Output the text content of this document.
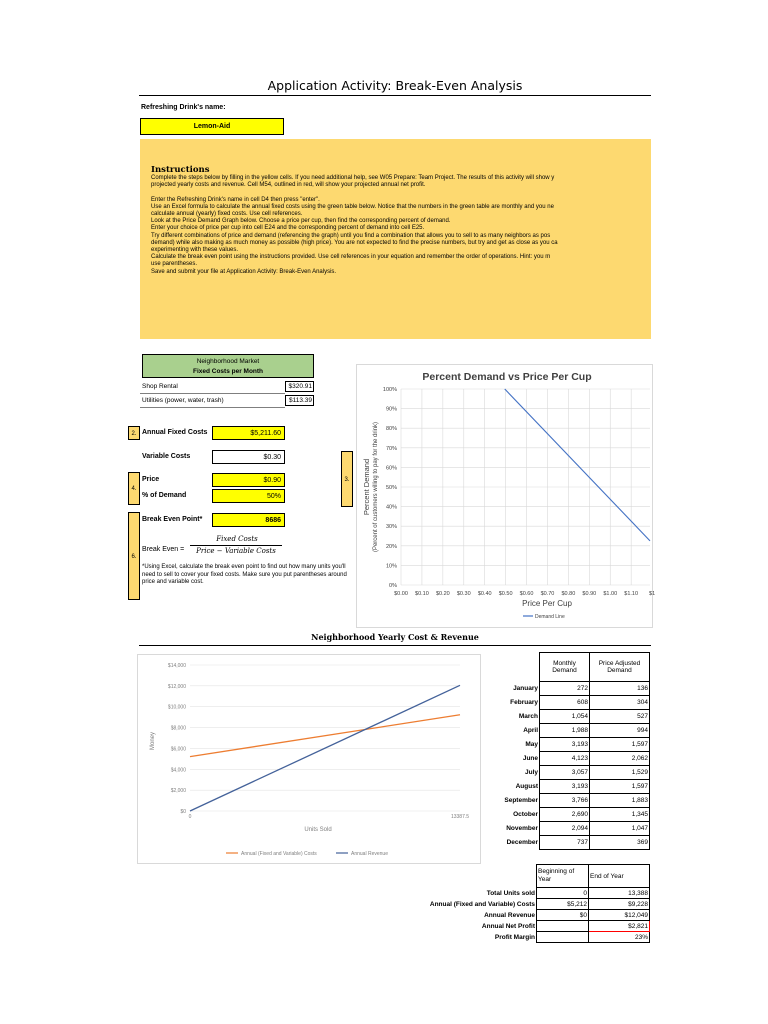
Application Activity: Break-Even Analysis
Refreshing Drink's name:
Lemon-Aid
Instructions

Complete the steps below by filling in the yellow cells. If you need additional help, see W05 Prepare: Team Project. The results of this activity will show y

projected yearly costs and revenue. Cell M54, outlined in red, will show your projected annual net profit.

Enter the Refreshing Drink's name in cell D4 then press "enter".

Use an Excel formula to calculate the annual fixed costs using the green table below. Notice that the numbers in the green table are monthly and you ne

calculate annual (yearly) fixed costs. Use cell references.

Look at the Price Demand Graph below. Choose a price per cup, then find the corresponding percent of demand.

Enter your choice of price per cup into cell E24 and the corresponding percent of demand into cell E25.

Try different combinations of price and demand (referencing the graph) until you find a combination that allows you to sell to as many neighbors as pos

demand) while also making as much money as possible (high price). You are not expected to find the precise numbers, but try and get as close as you ca

experimenting with these values.

Calculate the break even point using the instructions provided. Use cell references in your equation and remember the order of operations. Hint: you m

use parentheses.

Save and submit your file at Application Activity: Break-Even Analysis.

Neighborhood Market
Fixed Costs per Month
Shop Rental	$320.91
Utilities (power, water, trash)	$113.39
2. Annual Fixed Costs	$5,211.60
Variable Costs	$0.30
4.
Price	$0.90
% of Demand	50%
6.
Break Even Point*	8686
3.
Break Even =
Fixed Costs
Price − Variable Costs
*Using Excel, calculate the break even point to find out how many units you'll need to sell to cover your fixed costs. Make sure you put parentheses around price and variable cost.
Percent Demand vs Price Per Cup
0%
10%
20%
30%
40%
50%
60%
70%
80%
90%
100%
$0.00 $0.10 $0.20 $0.30 $0.40 $0.50 $0.60 $0.70 $0.80 $0.90 $1.00 $1.10 $1
Percent Demand (Percent of customers willing to pay for the drink)
Price Per Cup
Demand Line
Neighborhood Yearly Cost & Revenue
$0
$2,000
$4,000
$6,000
$8,000
$10,000
$12,000
$14,000
0	13387.5
Money
Units Sold
Annual (Fixed and Variable) Costs	Annual Revenue
	Monthly Demand	Price Adjusted Demand
January	272	136
February	608	304
March	1,054	527
April	1,988	994
May	3,193	1,597
June	4,123	2,062
July	3,057	1,529
August	3,193	1,597
September	3,766	1,883
October	2,690	1,345
November	2,094	1,047
December	737	369
	Beginning of Year	End of Year
Total Units sold	0	13,388
Annual (Fixed and Variable) Costs	$5,212	$9,228
Annual Revenue	$0	$12,049
Annual Net Profit		$2,821
Profit Margin		23%
